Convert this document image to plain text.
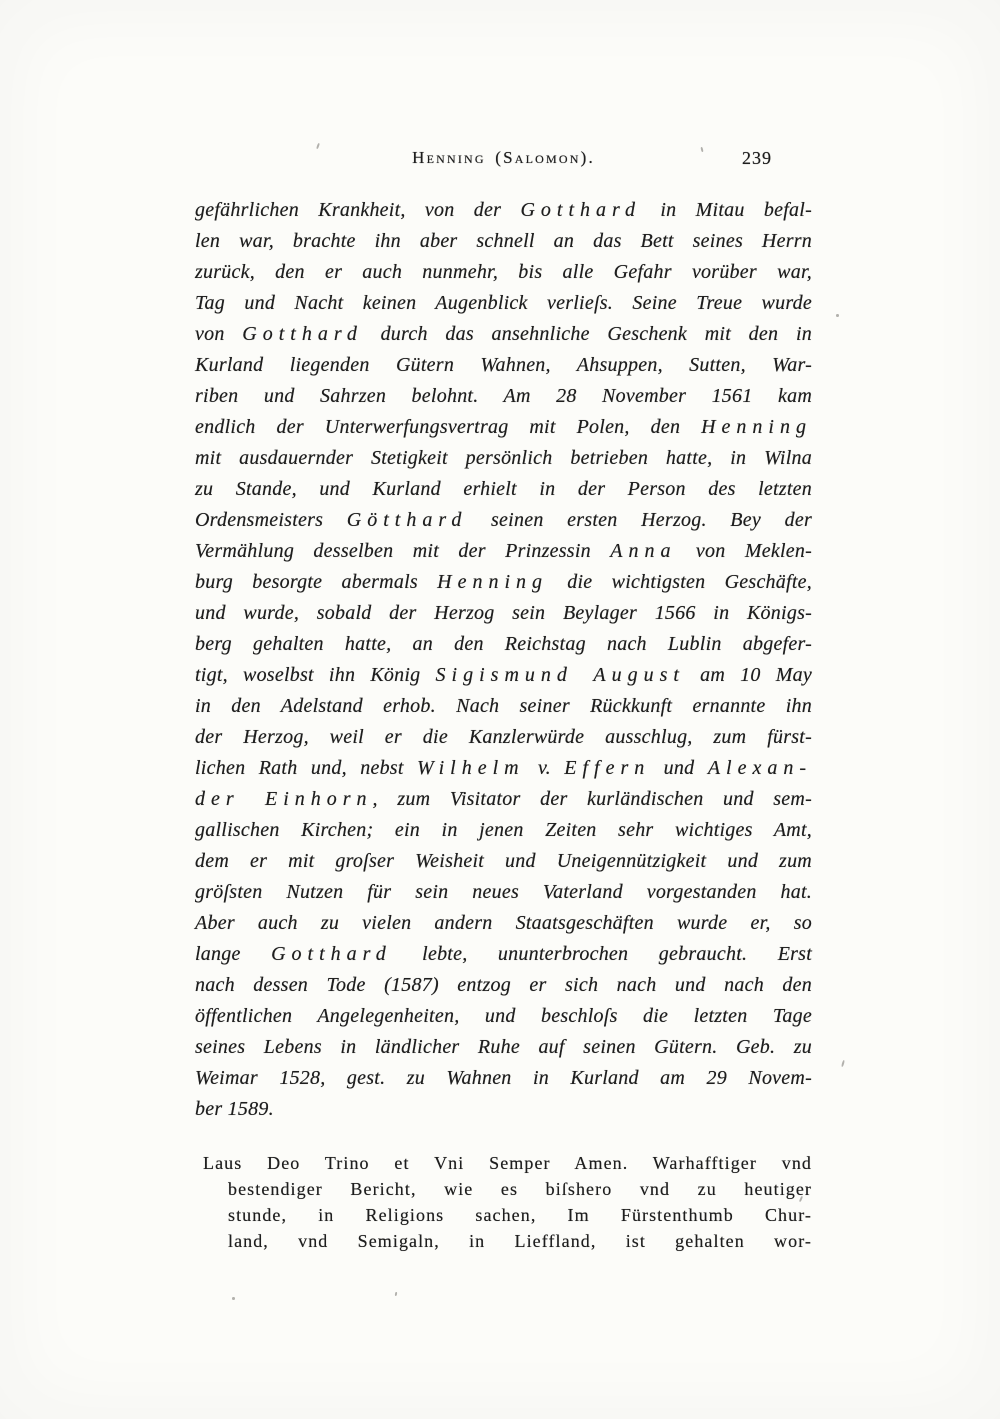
Henning (Salomon).	239
gefährlichen Krankheit, von der Gotthard in Mitau befal-
len war, brachte ihn aber schnell an das Bett seines Herrn
zurück, den er auch nunmehr, bis alle Gefahr vorüber war,
Tag und Nacht keinen Augenblick verlieſs. Seine Treue wurde
von Gotthard durch das ansehnliche Geschenk mit den in
Kurland liegenden Gütern Wahnen, Ahsuppen, Sutten, War-
riben und Sahrzen belohnt. Am 28 November 1561 kam
endlich der Unterwerfungsvertrag mit Polen, den Henning
mit ausdauernder Stetigkeit persönlich betrieben hatte, in Wilna
zu Stande, und Kurland erhielt in der Person des letzten
Ordensmeisters Götthard seinen ersten Herzog. Bey der
Vermählung desselben mit der Prinzessin Anna von Meklen-
burg besorgte abermals Henning die wichtigsten Geschäfte,
und wurde, sobald der Herzog sein Beylager 1566 in Königs-
berg gehalten hatte, an den Reichstag nach Lublin abgefer-
tigt, woselbst ihn König Sigismund August am 10 May
in den Adelstand erhob. Nach seiner Rückkunft ernannte ihn
der Herzog, weil er die Kanzlerwürde ausschlug, zum fürst-
lichen Rath und, nebst Wilhelm v. Effern und Alexan-
der Einhorn, zum Visitator der kurländischen und sem-
gallischen Kirchen; ein in jenen Zeiten sehr wichtiges Amt,
dem er mit groſser Weisheit und Uneigennützigkeit und zum
gröſsten Nutzen für sein neues Vaterland vorgestanden hat.
Aber auch zu vielen andern Staatsgeschäften wurde er, so
lange Gotthard lebte, ununterbrochen gebraucht. Erst
nach dessen Tode (1587) entzog er sich nach und nach den
öffentlichen Angelegenheiten, und beschloſs die letzten Tage
seines Lebens in ländlicher Ruhe auf seinen Gütern. Geb. zu
Weimar 1528, gest. zu Wahnen in Kurland am 29 Novem-
ber 1589.
Laus Deo Trino et Vni Semper Amen. Warhafftiger vnd
bestendiger Bericht, wie es biſshero vnd zu heutiger
stunde, in Religions sachen, Im Fürstenthumb Chur-
land, vnd Semigaln, in Lieffland, ist gehalten wor-
